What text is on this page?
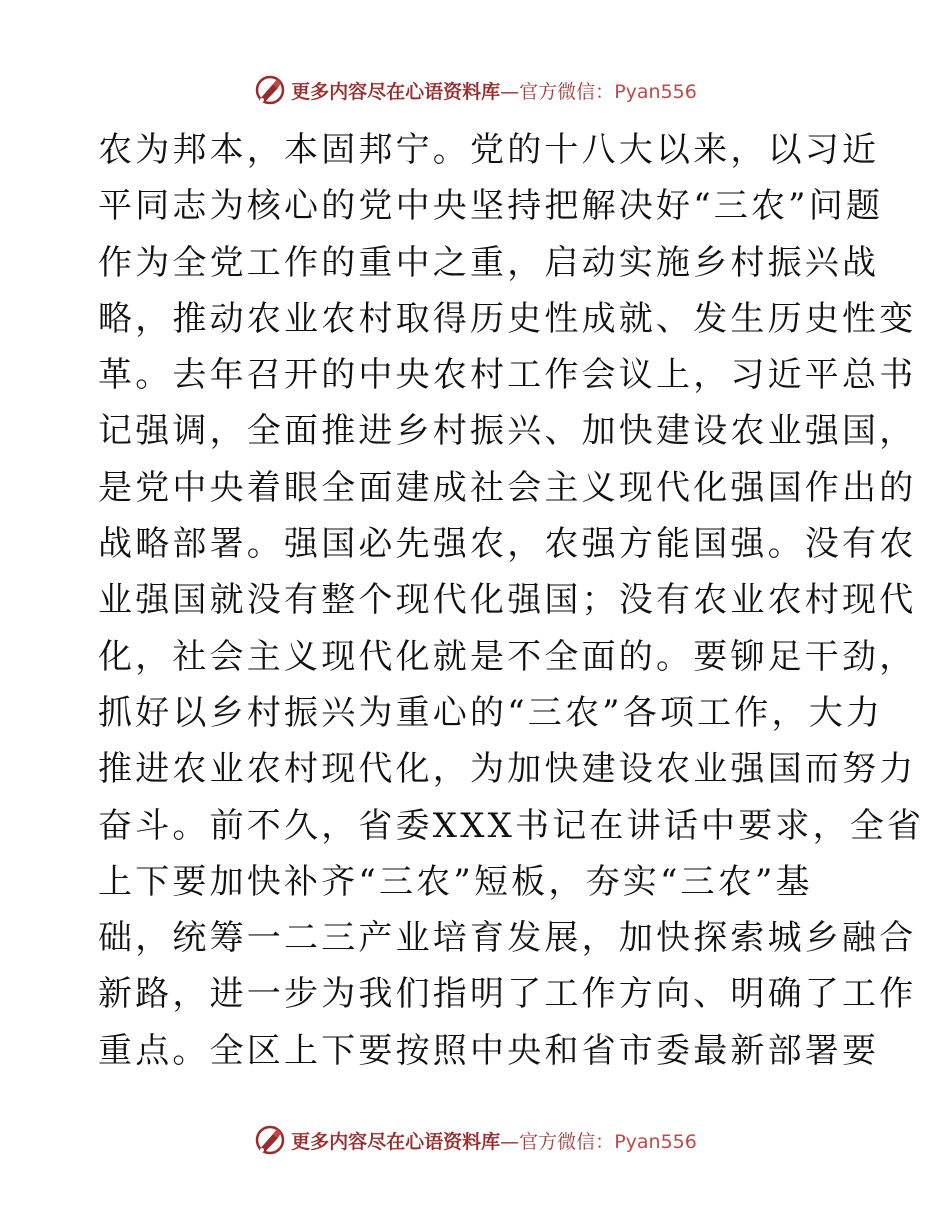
更多内容尽在心语资料库—官方微信：Pyan556
农为邦本，本固邦宁。党的十八大以来，以习近
平同志为核心的党中央坚持把解决好“三农”问题
作为全党工作的重中之重，启动实施乡村振兴战
略，推动农业农村取得历史性成就、发生历史性变
革。去年召开的中央农村工作会议上，习近平总书
记强调，全面推进乡村振兴、加快建设农业强国，
是党中央着眼全面建成社会主义现代化强国作出的
战略部署。强国必先强农，农强方能国强。没有农
业强国就没有整个现代化强国；没有农业农村现代
化，社会主义现代化就是不全面的。要铆足干劲，
抓好以乡村振兴为重心的“三农”各项工作，大力
推进农业农村现代化，为加快建设农业强国而努力
奋斗。前不久，省委XXX书记在讲话中要求，全省
上下要加快补齐“三农”短板，夯实“三农”基
础，统筹一二三产业培育发展，加快探索城乡融合
新路，进一步为我们指明了工作方向、明确了工作
重点。全区上下要按照中央和省市委最新部署要
更多内容尽在心语资料库—官方微信：Pyan556
